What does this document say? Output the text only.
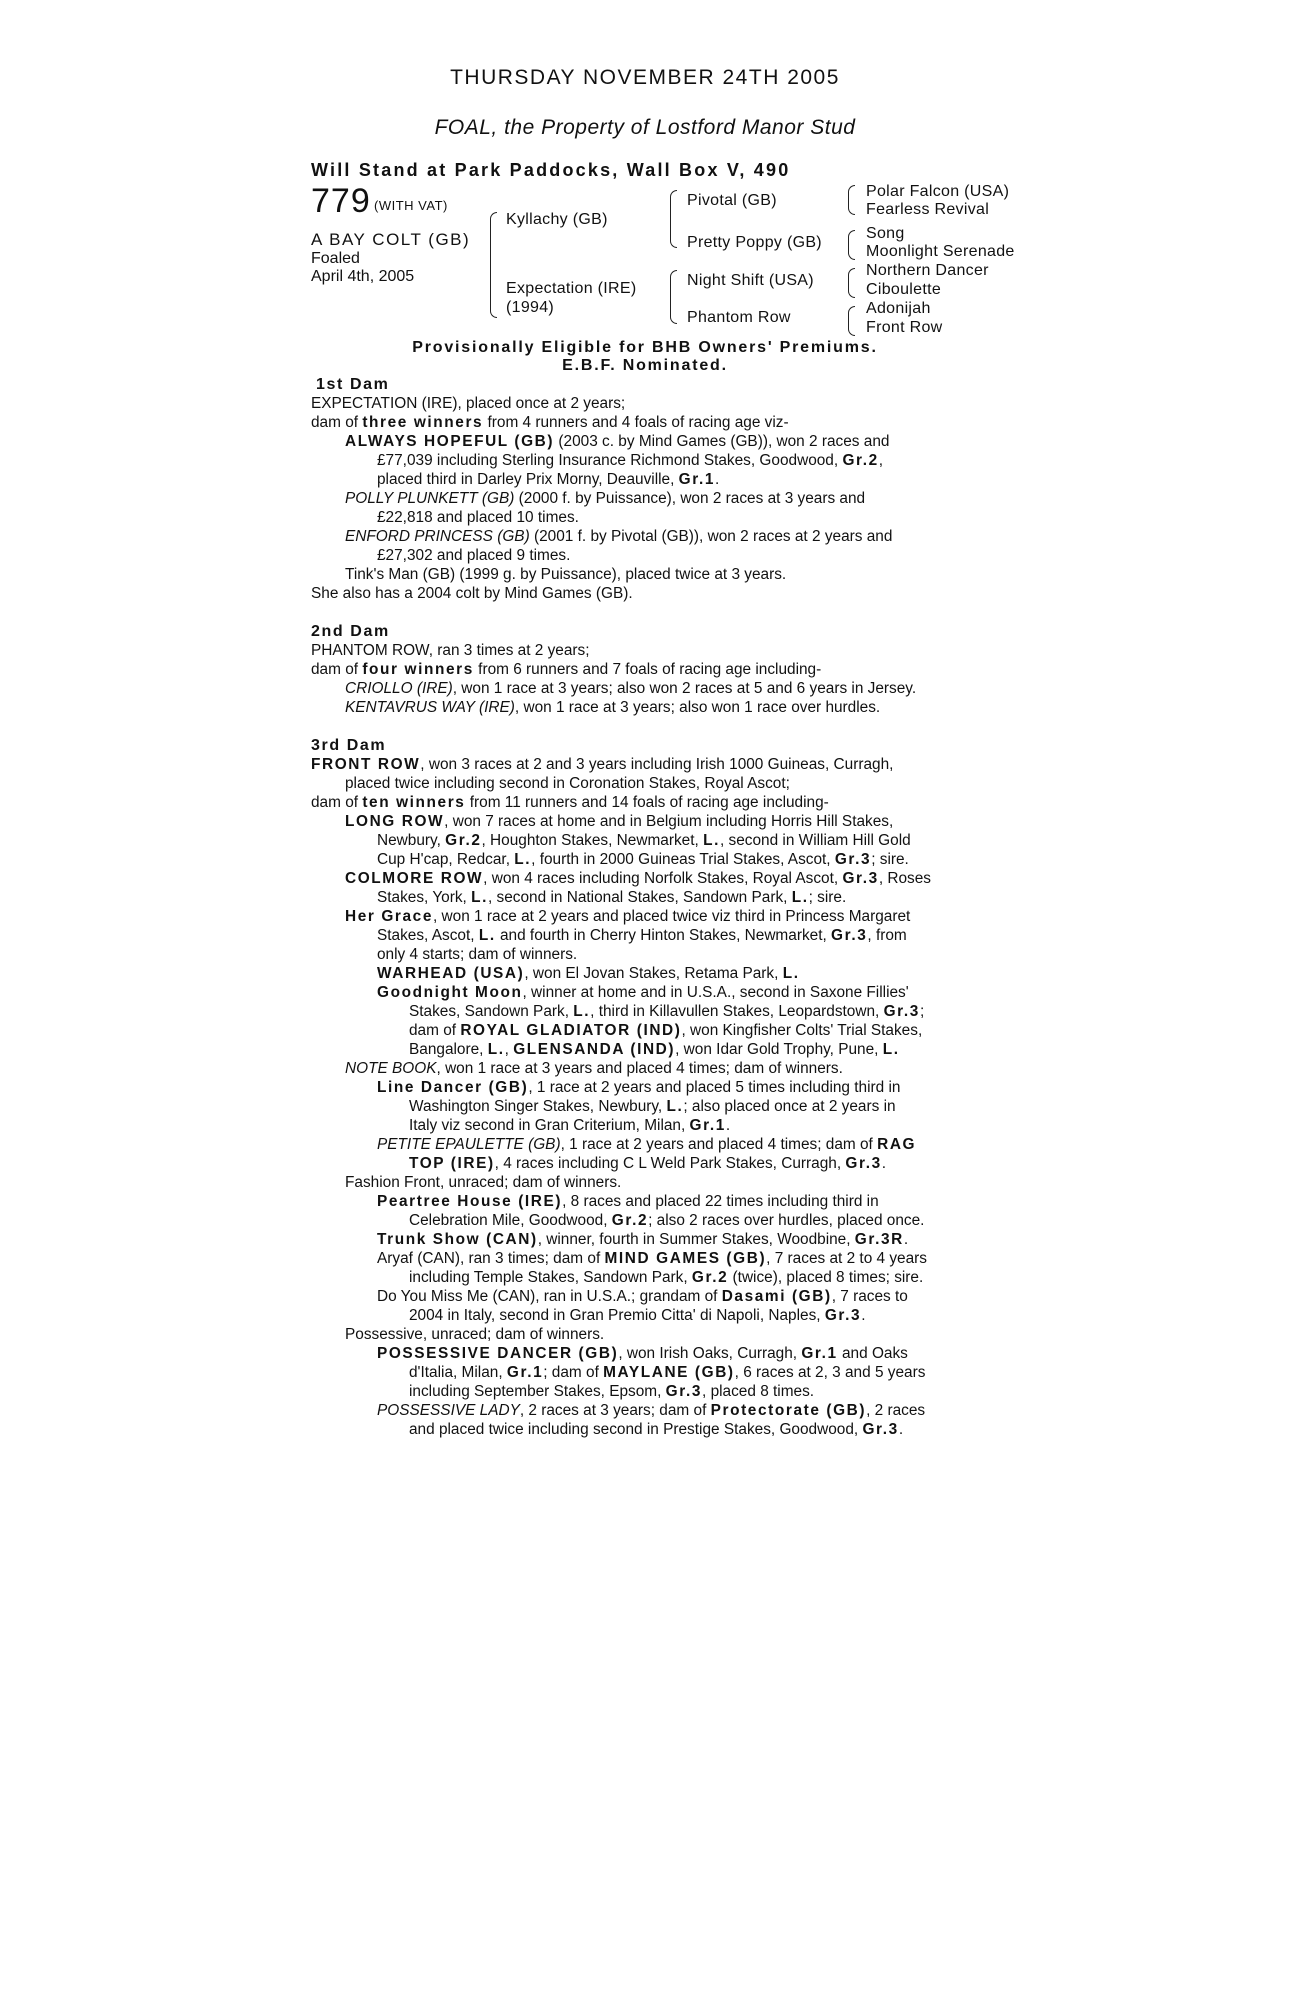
THURSDAY NOVEMBER 24TH 2005
FOAL, the Property of Lostford Manor Stud
Will Stand at Park Paddocks, Wall Box V, 490
779 (WITH VAT)
A BAY COLT (GB)
Foaled
April 4th, 2005
Kyllachy (GB)
Expectation (IRE)
(1994)
Pivotal (GB)
Pretty Poppy (GB)
Night Shift (USA)
Phantom Row
Polar Falcon (USA)
Fearless Revival
Song
Moonlight Serenade
Northern Dancer
Ciboulette
Adonijah
Front Row
Provisionally Eligible for BHB Owners' Premiums.
E.B.F. Nominated.
1st Dam
EXPECTATION (IRE), placed once at 2 years;
dam of three winners from 4 runners and 4 foals of racing age viz-
ALWAYS HOPEFUL (GB) (2003 c. by Mind Games (GB)), won 2 races and
£77,039 including Sterling Insurance Richmond Stakes, Goodwood, Gr.2,
placed third in Darley Prix Morny, Deauville, Gr.1.
POLLY PLUNKETT (GB) (2000 f. by Puissance), won 2 races at 3 years and
£22,818 and placed 10 times.
ENFORD PRINCESS (GB) (2001 f. by Pivotal (GB)), won 2 races at 2 years and
£27,302 and placed 9 times.
Tink's Man (GB) (1999 g. by Puissance), placed twice at 3 years.
She also has a 2004 colt by Mind Games (GB).
2nd Dam
PHANTOM ROW, ran 3 times at 2 years;
dam of four winners from 6 runners and 7 foals of racing age including-
CRIOLLO (IRE), won 1 race at 3 years; also won 2 races at 5 and 6 years in Jersey.
KENTAVRUS WAY (IRE), won 1 race at 3 years; also won 1 race over hurdles.
3rd Dam
FRONT ROW, won 3 races at 2 and 3 years including Irish 1000 Guineas, Curragh,
placed twice including second in Coronation Stakes, Royal Ascot;
dam of ten winners from 11 runners and 14 foals of racing age including-
LONG ROW, won 7 races at home and in Belgium including Horris Hill Stakes,
Newbury, Gr.2, Houghton Stakes, Newmarket, L., second in William Hill Gold
Cup H'cap, Redcar, L., fourth in 2000 Guineas Trial Stakes, Ascot, Gr.3; sire.
COLMORE ROW, won 4 races including Norfolk Stakes, Royal Ascot, Gr.3, Roses
Stakes, York, L., second in National Stakes, Sandown Park, L.; sire.
Her Grace, won 1 race at 2 years and placed twice viz third in Princess Margaret
Stakes, Ascot, L. and fourth in Cherry Hinton Stakes, Newmarket, Gr.3, from
only 4 starts; dam of winners.
WARHEAD (USA), won El Jovan Stakes, Retama Park, L.
Goodnight Moon, winner at home and in U.S.A., second in Saxone Fillies'
Stakes, Sandown Park, L., third in Killavullen Stakes, Leopardstown, Gr.3;
dam of ROYAL GLADIATOR (IND), won Kingfisher Colts' Trial Stakes,
Bangalore, L., GLENSANDA (IND), won Idar Gold Trophy, Pune, L.
NOTE BOOK, won 1 race at 3 years and placed 4 times; dam of winners.
Line Dancer (GB), 1 race at 2 years and placed 5 times including third in
Washington Singer Stakes, Newbury, L.; also placed once at 2 years in
Italy viz second in Gran Criterium, Milan, Gr.1.
PETITE EPAULETTE (GB), 1 race at 2 years and placed 4 times; dam of RAG
TOP (IRE), 4 races including C L Weld Park Stakes, Curragh, Gr.3.
Fashion Front, unraced; dam of winners.
Peartree House (IRE), 8 races and placed 22 times including third in
Celebration Mile, Goodwood, Gr.2; also 2 races over hurdles, placed once.
Trunk Show (CAN), winner, fourth in Summer Stakes, Woodbine, Gr.3R.
Aryaf (CAN), ran 3 times; dam of MIND GAMES (GB), 7 races at 2 to 4 years
including Temple Stakes, Sandown Park, Gr.2 (twice), placed 8 times; sire.
Do You Miss Me (CAN), ran in U.S.A.; grandam of Dasami (GB), 7 races to
2004 in Italy, second in Gran Premio Citta' di Napoli, Naples, Gr.3.
Possessive, unraced; dam of winners.
POSSESSIVE DANCER (GB), won Irish Oaks, Curragh, Gr.1 and Oaks
d'Italia, Milan, Gr.1; dam of MAYLANE (GB), 6 races at 2, 3 and 5 years
including September Stakes, Epsom, Gr.3, placed 8 times.
POSSESSIVE LADY, 2 races at 3 years; dam of Protectorate (GB), 2 races
and placed twice including second in Prestige Stakes, Goodwood, Gr.3.
